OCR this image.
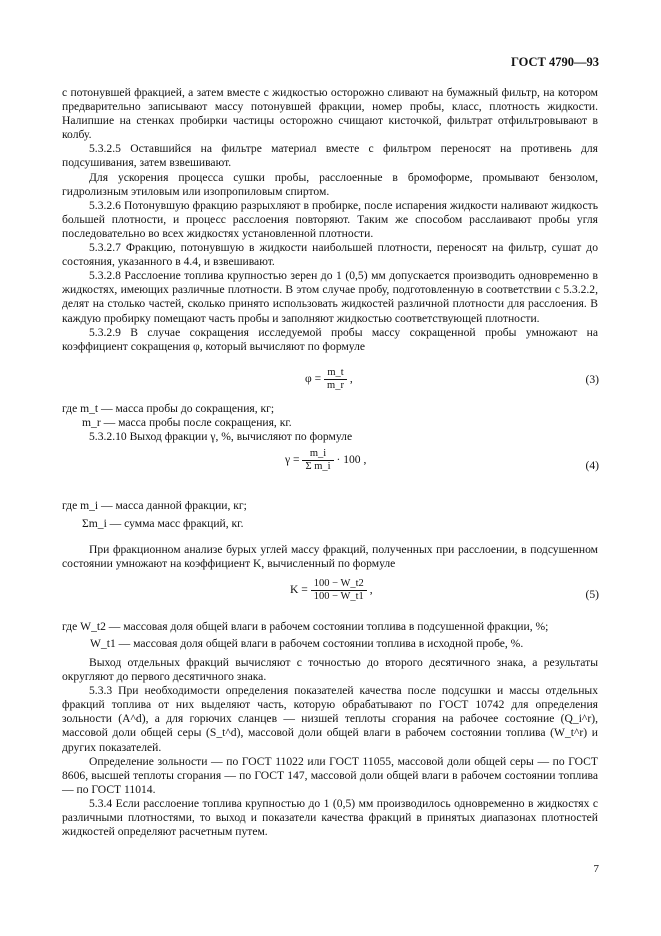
ГОСТ 4790—93

с потонувшей фракцией, а затем вместе с жидкостью осторожно сливают на бумажный фильтр, на котором предварительно записывают массу потонувшей фракции, номер пробы, класс, плотность жидкости. Налипшие на стенках пробирки частицы осторожно счищают кисточкой, фильтрат отфильтровывают в колбу.

5.3.2.5 Оставшийся на фильтре материал вместе с фильтром переносят на противень для подсушивания, затем взвешивают.

Для ускорения процесса сушки пробы, расслоенные в бромоформе, промывают бензолом, гидролизным этиловым или изопропиловым спиртом.

5.3.2.6 Потонувшую фракцию разрыхляют в пробирке, после испарения жидкости наливают жидкость большей плотности, и процесс расслоения повторяют. Таким же способом расслаивают пробы угля последовательно во всех жидкостях установленной плотности.

5.3.2.7 Фракцию, потонувшую в жидкости наибольшей плотности, переносят на фильтр, сушат до состояния, указанного в 4.4, и взвешивают.

5.3.2.8 Расслоение топлива крупностью зерен до 1 (0,5) мм допускается производить одновременно в жидкостях, имеющих различные плотности. В этом случае пробу, подготовленную в соответствии с 5.3.2.2, делят на столько частей, сколько принято использовать жидкостей различной плотности для расслоения. В каждую пробирку помещают часть пробы и заполняют жидкостью соответствующей плотности.

5.3.2.9 В случае сокращения исследуемой пробы массу сокращенной пробы умножают на коэффициент сокращения φ, который вычисляют по формуле

$\varphi = \frac{m\_t}{m\_r}$ ,	(3)
где m_t — масса пробы до сокращения, кг;
m_r — масса пробы после сокращения, кг.

5.3.2.10 Выход фракции γ, %, вычисляют по формуле

$\gamma = \frac{m\_i}{\text{Σ m\_i}} \cdot 100$ ,	(4)
где m_i — масса данной фракции, кг;
Σm_i — сумма масс фракций, кг.

При фракционном анализе бурых углей массу фракций, полученных при расслоении, в подсушенном состоянии умножают на коэффициент K, вычисленный по формуле

$K = \frac{100 - W\_t2}{100 - W\_t1}$ ,	(5)
где W_t2 — массовая доля общей влаги в рабочем состоянии топлива в подсушенной фракции, %;
W_t1 — массовая доля общей влаги в рабочем состоянии топлива в исходной пробе, %.

Выход отдельных фракций вычисляют с точностью до второго десятичного знака, а результаты округляют до первого десятичного знака.

5.3.3 При необходимости определения показателей качества после подсушки и массы отдельных фракций топлива от них выделяют часть, которую обрабатывают по ГОСТ 10742 для определения зольности (A^d), а для горючих сланцев — низшей теплоты сгорания на рабочее состояние (Q_i^r), массовой доли общей серы (S_t^d), массовой доли общей влаги в рабочем состоянии топлива (W_t^r) и других показателей.

Определение зольности — по ГОСТ 11022 или ГОСТ 11055, массовой доли общей серы — по ГОСТ 8606, высшей теплоты сгорания — по ГОСТ 147, массовой доли общей влаги в рабочем состоянии топлива — по ГОСТ 11014.

5.3.4 Если расслоение топлива крупностью до 1 (0,5) мм производилось одновременно в жидкостях с различными плотностями, то выход и показатели качества фракций в принятых диапазонах плотностей жидкостей определяют расчетным путем.

7
